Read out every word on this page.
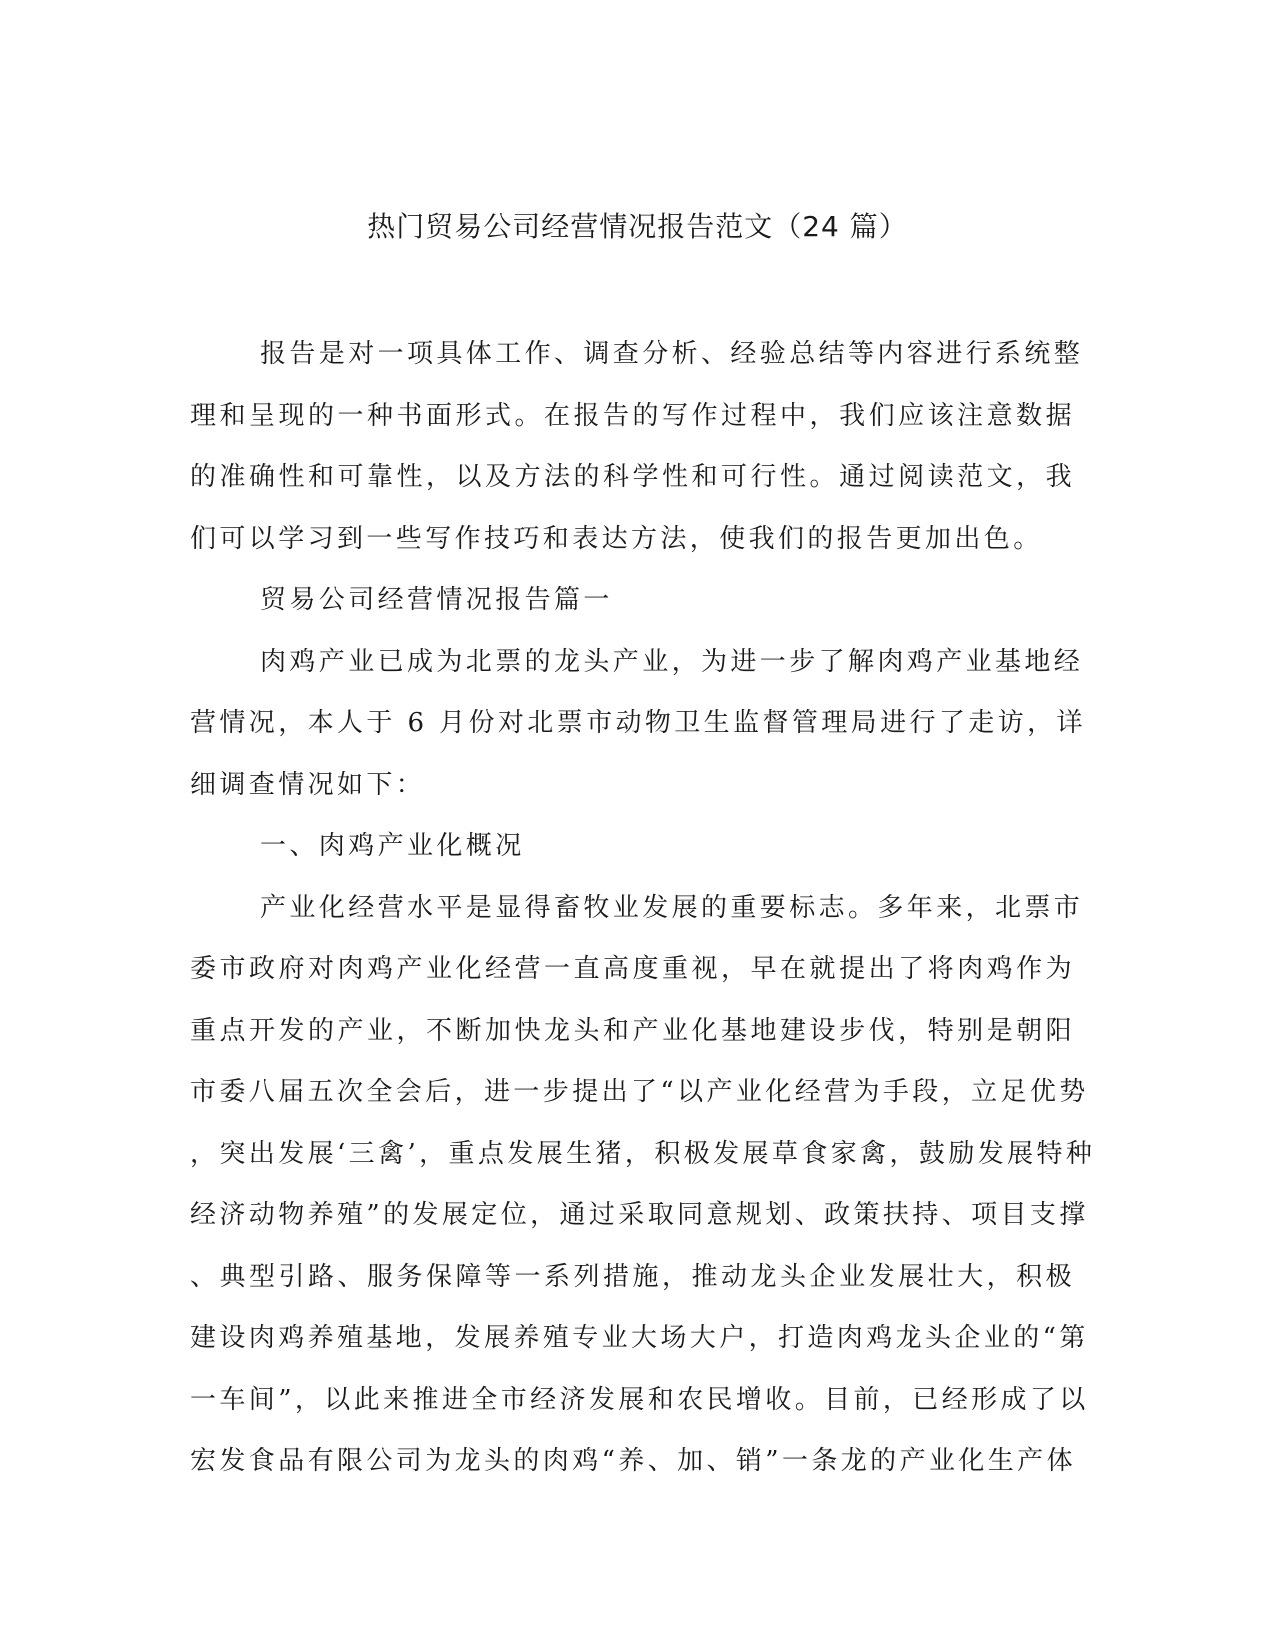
热门贸易公司经营情况报告范文（24 篇）
报告是对一项具体工作、调查分析、经验总结等内容进行系统整
理和呈现的一种书面形式。在报告的写作过程中，我们应该注意数据
的准确性和可靠性，以及方法的科学性和可行性。通过阅读范文，我
们可以学习到一些写作技巧和表达方法，使我们的报告更加出色。
贸易公司经营情况报告篇一
肉鸡产业已成为北票的龙头产业，为进一步了解肉鸡产业基地经
营情况，本人于 6 月份对北票市动物卫生监督管理局进行了走访，详
细调查情况如下：
一、肉鸡产业化概况
产业化经营水平是显得畜牧业发展的重要标志。多年来，北票市
委市政府对肉鸡产业化经营一直高度重视，早在就提出了将肉鸡作为
重点开发的产业，不断加快龙头和产业化基地建设步伐，特别是朝阳
市委八届五次全会后，进一步提出了“以产业化经营为手段，立足优势
，突出发展‘三禽’，重点发展生猪，积极发展草食家禽，鼓励发展特种
经济动物养殖”的发展定位，通过采取同意规划、政策扶持、项目支撑
、典型引路、服务保障等一系列措施，推动龙头企业发展壮大，积极
建设肉鸡养殖基地，发展养殖专业大场大户，打造肉鸡龙头企业的“第
一车间”，以此来推进全市经济发展和农民增收。目前，已经形成了以
宏发食品有限公司为龙头的肉鸡“养、加、销”一条龙的产业化生产体
